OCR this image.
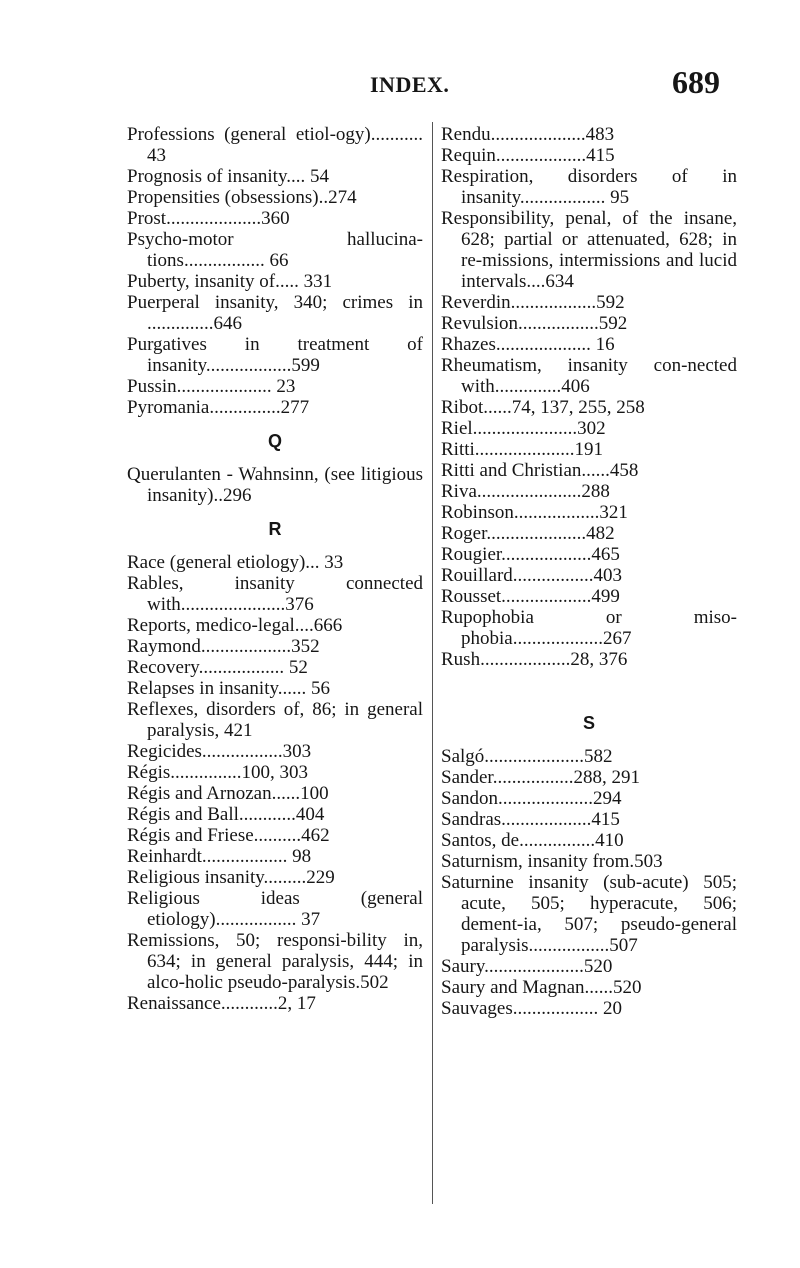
INDEX.	689
Professions (general etiol-ogy)........... 43
Prognosis of insanity.... 54
Propensities (obsessions)..274
Prost....................360
Psycho-motor hallucina-tions................. 66
Puberty, insanity of..... 331
Puerperal insanity, 340; crimes in ..............646
Purgatives in treatment of insanity..................599
Pussin.................... 23
Pyromania...............277
Q
Querulanten - Wahnsinn, (see litigious insanity)..296
R
Race (general etiology)... 33
Rables, insanity connected with......................376
Reports, medico-legal....666
Raymond...................352
Recovery.................. 52
Relapses in insanity...... 56
Reflexes, disorders of, 86; in general paralysis, 421
Regicides.................303
Régis...............100, 303
Régis and Arnozan......100
Régis and Ball............404
Régis and Friese..........462
Reinhardt.................. 98
Religious insanity.........229
Religious ideas (general etiology)................. 37
Remissions, 50; responsi-bility in, 634; in general paralysis, 444; in alco-holic pseudo-paralysis.502
Renaissance............2, 17
Rendu....................483
Requin...................415
Respiration, disorders of in insanity.................. 95
Responsibility, penal, of the insane, 628; partial or attenuated, 628; in re-missions, intermissions and lucid intervals....634
Reverdin..................592
Revulsion.................592
Rhazes.................... 16
Rheumatism, insanity con-nected with..............406
Ribot......74, 137, 255, 258
Riel......................302
Ritti.....................191
Ritti and Christian......458
Riva......................288
Robinson..................321
Roger.....................482
Rougier...................465
Rouillard.................403
Rousset...................499
Rupophobia or miso-phobia...................267
Rush...................28, 376
S
Salgó.....................582
Sander.................288, 291
Sandon....................294
Sandras...................415
Santos, de................410
Saturnism, insanity from.503
Saturnine insanity (sub-acute) 505; acute, 505; hyperacute, 506; dement-ia, 507; pseudo-general paralysis.................507
Saury.....................520
Saury and Magnan......520
Sauvages.................. 20
